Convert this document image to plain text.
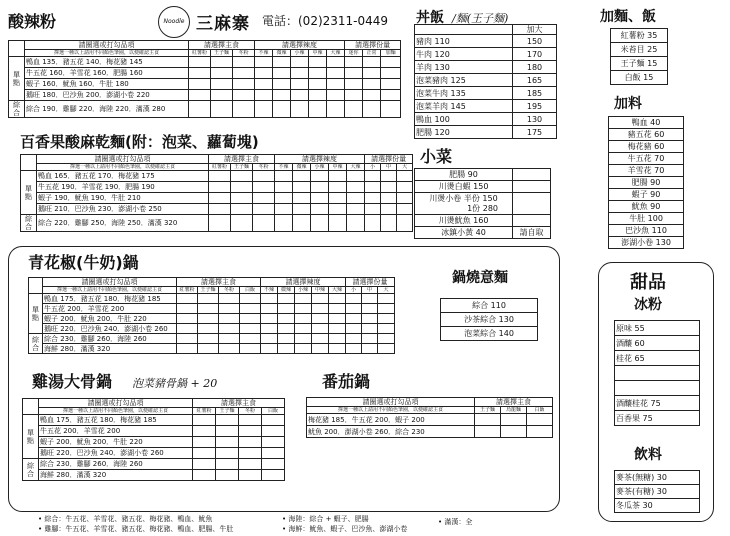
酸辣粉	Noodle 三麻寨 電話：(02)2311-0449
	請圈選或打勾品項	請選擇主食			請選擇辣度					請選擇份量		
	擇選一種以上請用不同顏色筆圈，以便確認主食	紅薯粉	王子麵	冬粉	不辣	微辣	小辣	中辣	大辣	迷你	正常	加麵
單點	鴨血 135．豬五花 140．梅花豬 145											
	牛五花 160．羊雪花 160．肥腸 160											
	蝦子 160．魷魚 160．牛肚 180											
	鵝旺 180．巴沙魚 200．澎湖小卷 220											
綜合	綜合 190．雞腳 220．海陸 220．滿漢 280											
百香果酸麻乾麵(附：泡菜、蘿蔔塊)
	請圈選或打勾品項	請選擇主食			請選擇辣度					請選擇份量		
	擇選一種以上請用不同顏色筆圈，以便確認主食	紅薯粉	王子麵	冬粉	不辣	微辣	小辣	中辣	大辣	小	中	大
單點	鴨血 165．豬五花 170．梅花豬 175											
	牛五花 190．羊雪花 190．肥腸 190											
	蝦子 190．魷魚 190．牛肚 210											
	鵝旺 210．巴沙魚 230．澎湖小卷 250											
綜合	綜合 220．雞腳 250．海陸 250．滿漢 320											
青花椒(牛奶)鍋
	請圈選或打勾品項	請選擇主食				請選擇辣度					請選擇份量		
	擇選一種以上請用不同顏色筆圈，以便確認主食	紅薯粉	王子麵	冬粉	白飯	不辣	微辣	小辣	中辣	大辣	小	中	大
單點	鴨血 175．豬五花 180．梅花豬 185												
	牛五花 200．羊雪花 200												
	蝦子 200．魷魚 200．牛肚 220												
	鵝旺 220．巴沙魚 240．澎湖小卷 260												
綜合	綜合 230．雞腳 260．海陸 260												
	海鮮 280．滿漢 320												
鍋燒意麵
綜合 110
沙茶綜合 130
泡菜綜合 140
雞湯大骨鍋 泡菜豬骨鍋 + 20
	請圈選或打勾品項	請選擇主食			
	擇選一種以上請用不同顏色筆圈，以便確認主食	紅薯粉	王子麵	冬粉	白飯
單點	鴨血 175．豬五花 180．梅花豬 185				
	牛五花 200．羊雪花 200				
	蝦子 200．魷魚 200．牛肚 220				
	鵝旺 220．巴沙魚 240．澎湖小卷 260				
綜合	綜合 230．雞腳 260．海陸 260				
	海鮮 280．滿漢 320				
番茄鍋
請圈選或打勾品項	請選擇主食		
擇選一種以上請用不同顏色筆圈，以便確認主食	王子麵	烏龍麵	白飯
梅花豬 185．牛五花 200．蝦子 200			
魷魚 200．澎湖小卷 260．綜合 230			
丼飯 /麵(王子麵)
	加大
豬肉 110	150
牛肉 120	170
羊肉 130	180
泡菜豬肉 125	165
泡菜牛肉 135	185
泡菜羊肉 145	195
鴨血 100	130
肥腸 120	175
小菜
肥腸 90	
川燙白蝦 150	
川燙小卷 半份 150	
1份 280	
川燙魷魚 160	
冰鎮小黃 40	請自取
加麵、飯
紅薯粉 35
米苔目 25
王子麵 15
白飯 15
加料
鴨血 40
豬五花 60
梅花豬 60
牛五花 70
羊雪花 70
肥腸 90
蝦子 90
魷魚 90
牛肚 100
巴沙魚 110
澎湖小卷 130
甜品
冰粉
原味 55
酒釀 60
桂花 65

酒釀桂花 75
百香果 75
飲料
麥茶(無糖) 30
麥茶(有糖) 30
冬瓜茶 30
• 綜合：牛五花、羊雪花、豬五花、梅花豬、鴨血、魷魚
• 雞腳：牛五花、羊雪花、豬五花、梅花豬、鴨血、肥腸、牛肚
• 海陸：綜合 + 蝦子、肥腸
• 海鮮：魷魚、蝦子、巴沙魚、澎湖小卷
• 滿漢：全
